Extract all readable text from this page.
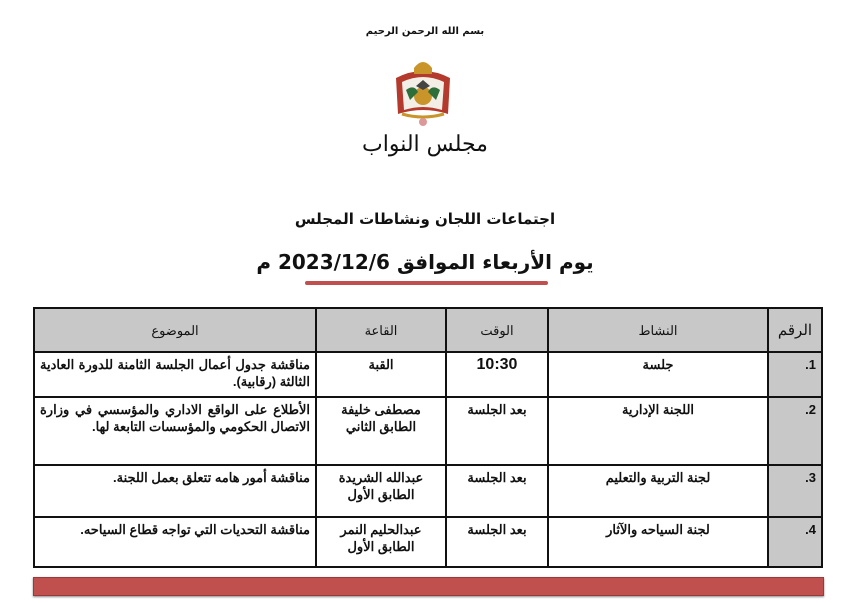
بسم الله الرحمن الرحيم
مجلس النواب
اجتماعات اللجان ونشاطات المجلس
يوم الأربعاء الموافق 2023/12/6 م
الرقم	النشاط	الوقت	القاعة	الموضوع
1.	جلسة	10:30	القبة	مناقشة جدول أعمال الجلسة الثامنة للدورة العادية الثالثة (رقابية).
2.	اللجنة الإدارية	بعد الجلسة	مصطفى خليفة الطابق الثاني	الأطلاع على الواقع الاداري والمؤسسي في وزارة الاتصال الحكومي والمؤسسات التابعة لها.
3.	لجنة التربية والتعليم	بعد الجلسة	عبدالله الشريدة الطابق الأول	مناقشة أمور هامه تتعلق بعمل اللجنة.
4.	لجنة السياحه والآثار	بعد الجلسة	عبدالحليم النمر الطابق الأول	مناقشة التحديات التي تواجه قطاع السياحه.
